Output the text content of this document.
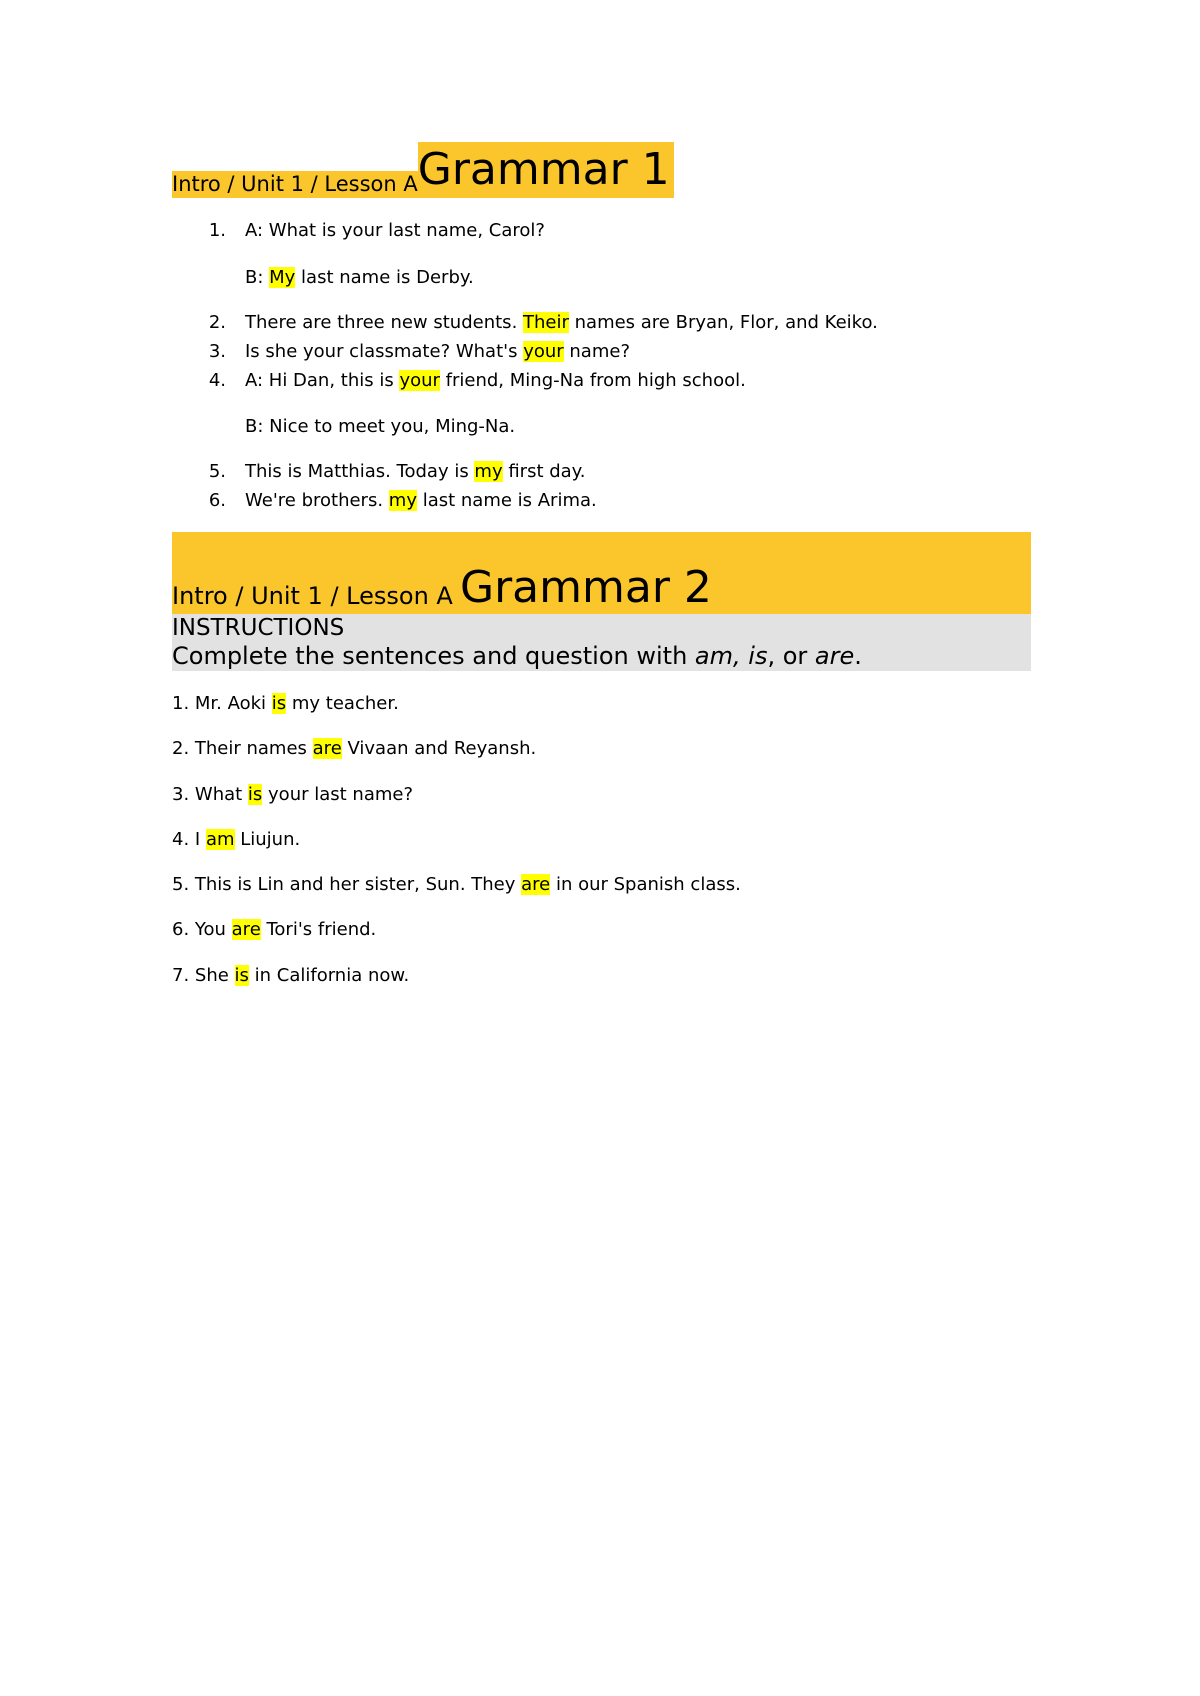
Intro / Unit 1 / Lesson AGrammar 1
1. A: What is your last name, Carol?
B: My last name is Derby.
2. There are three new students. Their names are Bryan, Flor, and Keiko.
3. Is she your classmate? What's your name?
4. A: Hi Dan, this is your friend, Ming-Na from high school.
B: Nice to meet you, Ming-Na.
5. This is Matthias. Today is my first day.
6. We're brothers. my last name is Arima.
Intro / Unit 1 / Lesson A Grammar 2
INSTRUCTIONS
Complete the sentences and question with am, is, or are.
1. Mr. Aoki is my teacher.
2. Their names are Vivaan and Reyansh.
3. What is your last name?
4. I am Liujun.
5. This is Lin and her sister, Sun. They are in our Spanish class.
6. You are Tori's friend.
7. She is in California now.
